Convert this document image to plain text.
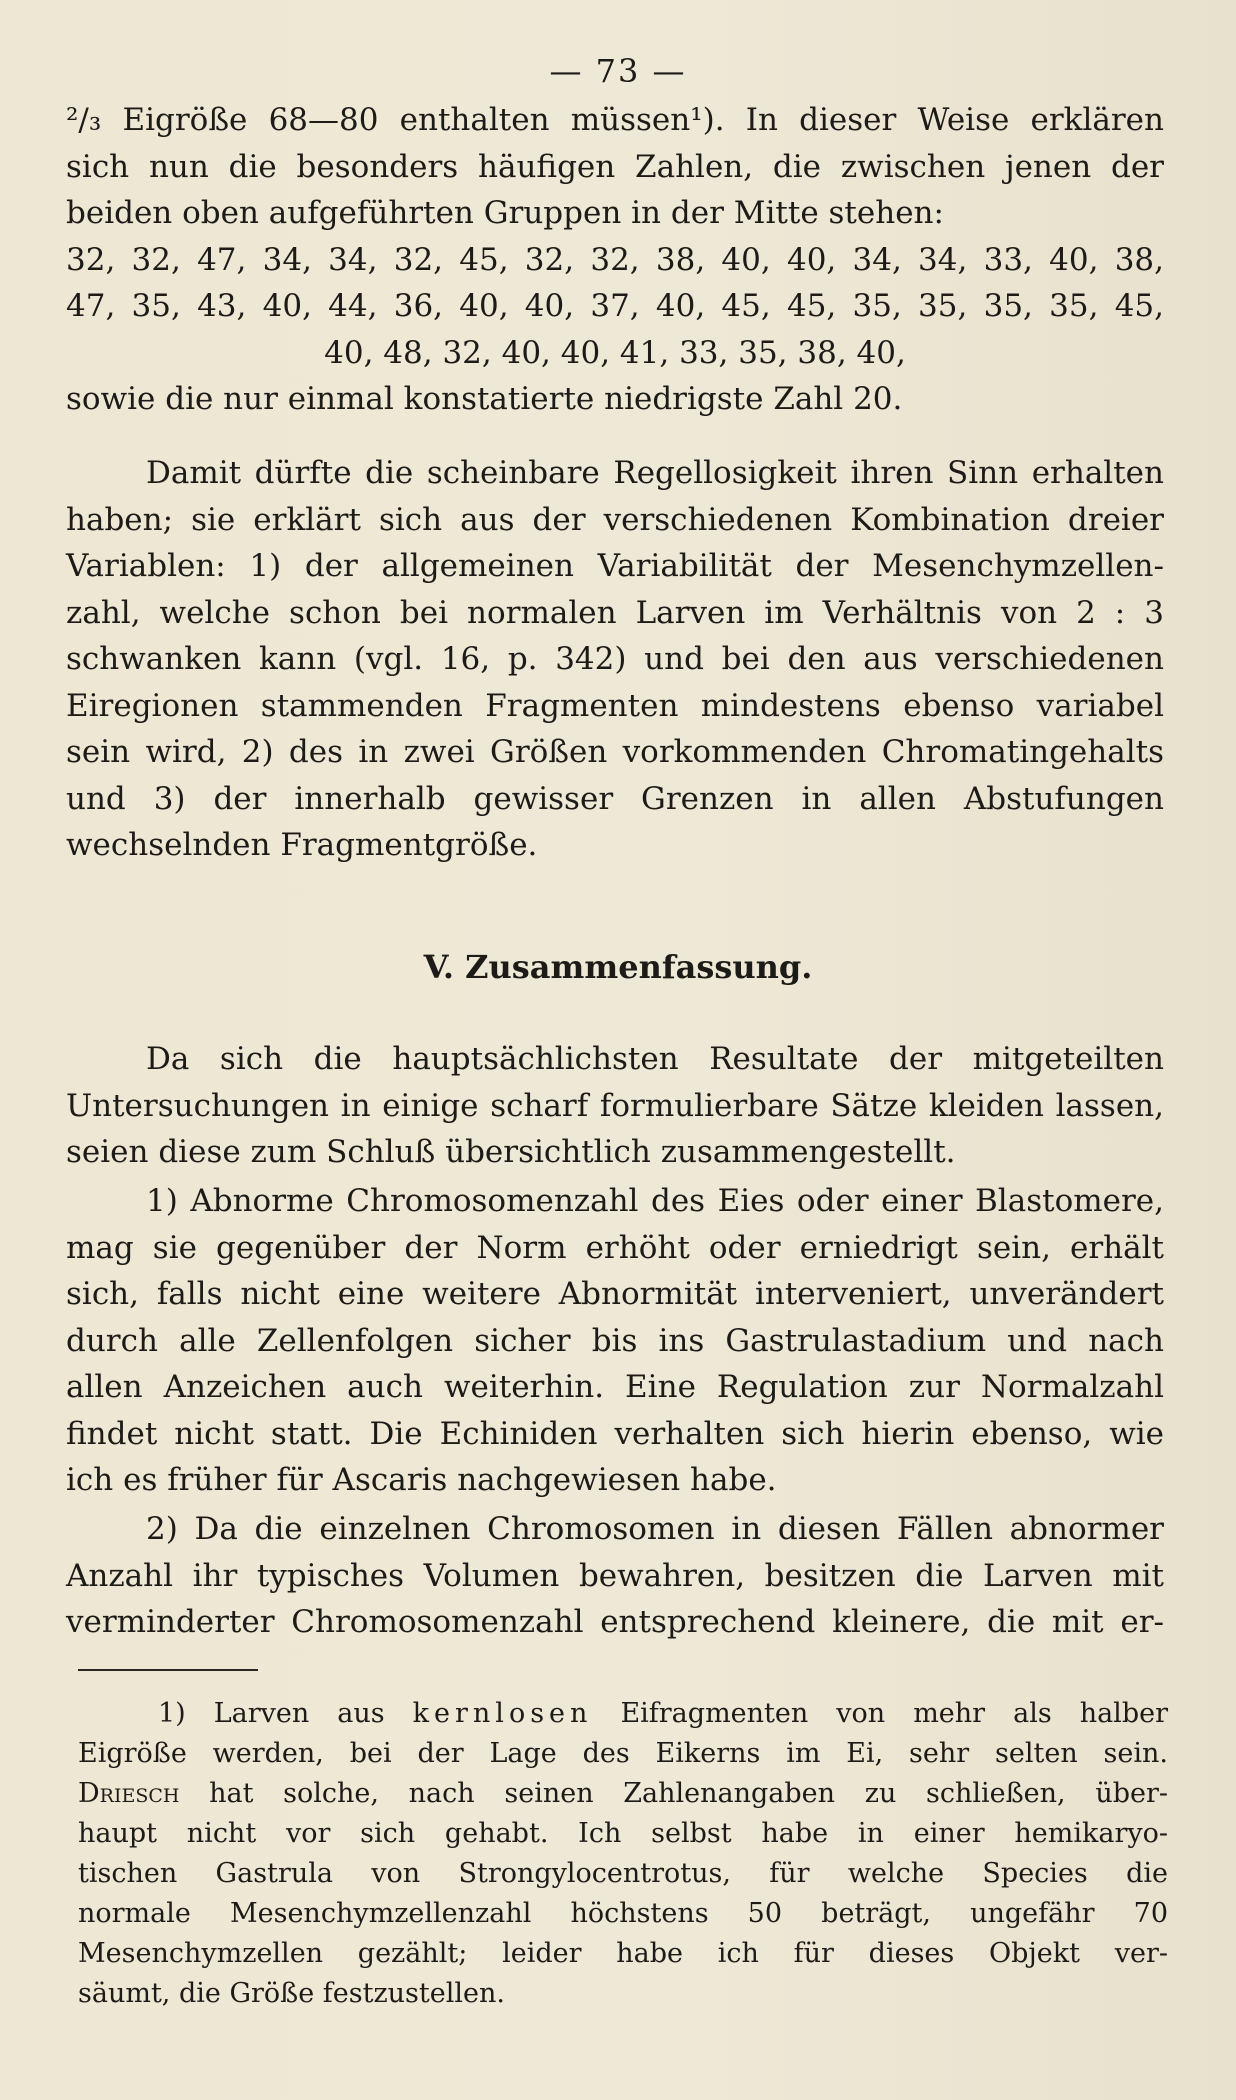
— 73 —

²/₃ Eigröße 68—80 enthalten müssen¹). In dieser Weise erklären

sich nun die besonders häufigen Zahlen, die zwischen jenen der

beiden oben aufgeführten Gruppen in der Mitte stehen:

32, 32, 47, 34, 34, 32, 45, 32, 32, 38, 40, 40, 34, 34, 33, 40, 38,
47, 35, 43, 40, 44, 36, 40, 40, 37, 40, 45, 45, 35, 35, 35, 35, 45,
40, 48, 32, 40, 40, 41, 33, 35, 38, 40,

sowie die nur einmal konstatierte niedrigste Zahl 20.

Damit dürfte die scheinbare Regellosigkeit ihren Sinn erhalten

haben; sie erklärt sich aus der verschiedenen Kombination dreier

Variablen: 1) der allgemeinen Variabilität der Mesenchymzellen-

zahl, welche schon bei normalen Larven im Verhältnis von 2 : 3

schwanken kann (vgl. 16, p. 342) und bei den aus verschiedenen

Eiregionen stammenden Fragmenten mindestens ebenso variabel

sein wird, 2) des in zwei Größen vorkommenden Chromatingehalts

und 3) der innerhalb gewisser Grenzen in allen Abstufungen

wechselnden Fragmentgröße.

V. Zusammenfassung.

Da sich die hauptsächlichsten Resultate der mitgeteilten

Untersuchungen in einige scharf formulierbare Sätze kleiden lassen,

seien diese zum Schluß übersichtlich zusammengestellt.

1) Abnorme Chromosomenzahl des Eies oder einer Blastomere,

mag sie gegenüber der Norm erhöht oder erniedrigt sein, erhält

sich, falls nicht eine weitere Abnormität interveniert, unverändert

durch alle Zellenfolgen sicher bis ins Gastrulastadium und nach

allen Anzeichen auch weiterhin. Eine Regulation zur Normalzahl

findet nicht statt. Die Echiniden verhalten sich hierin ebenso, wie

ich es früher für Ascaris nachgewiesen habe.

2) Da die einzelnen Chromosomen in diesen Fällen abnormer

Anzahl ihr typisches Volumen bewahren, besitzen die Larven mit

verminderter Chromosomenzahl entsprechend kleinere, die mit er-

1) Larven aus kernlosen Eifragmenten von mehr als halber

Eigröße werden, bei der Lage des Eikerns im Ei, sehr selten sein.

Driesch hat solche, nach seinen Zahlenangaben zu schließen, über-

haupt nicht vor sich gehabt. Ich selbst habe in einer hemikaryo-

tischen Gastrula von Strongylocentrotus, für welche Species die

normale Mesenchymzellenzahl höchstens 50 beträgt, ungefähr 70

Mesenchymzellen gezählt; leider habe ich für dieses Objekt ver-

säumt, die Größe festzustellen.
